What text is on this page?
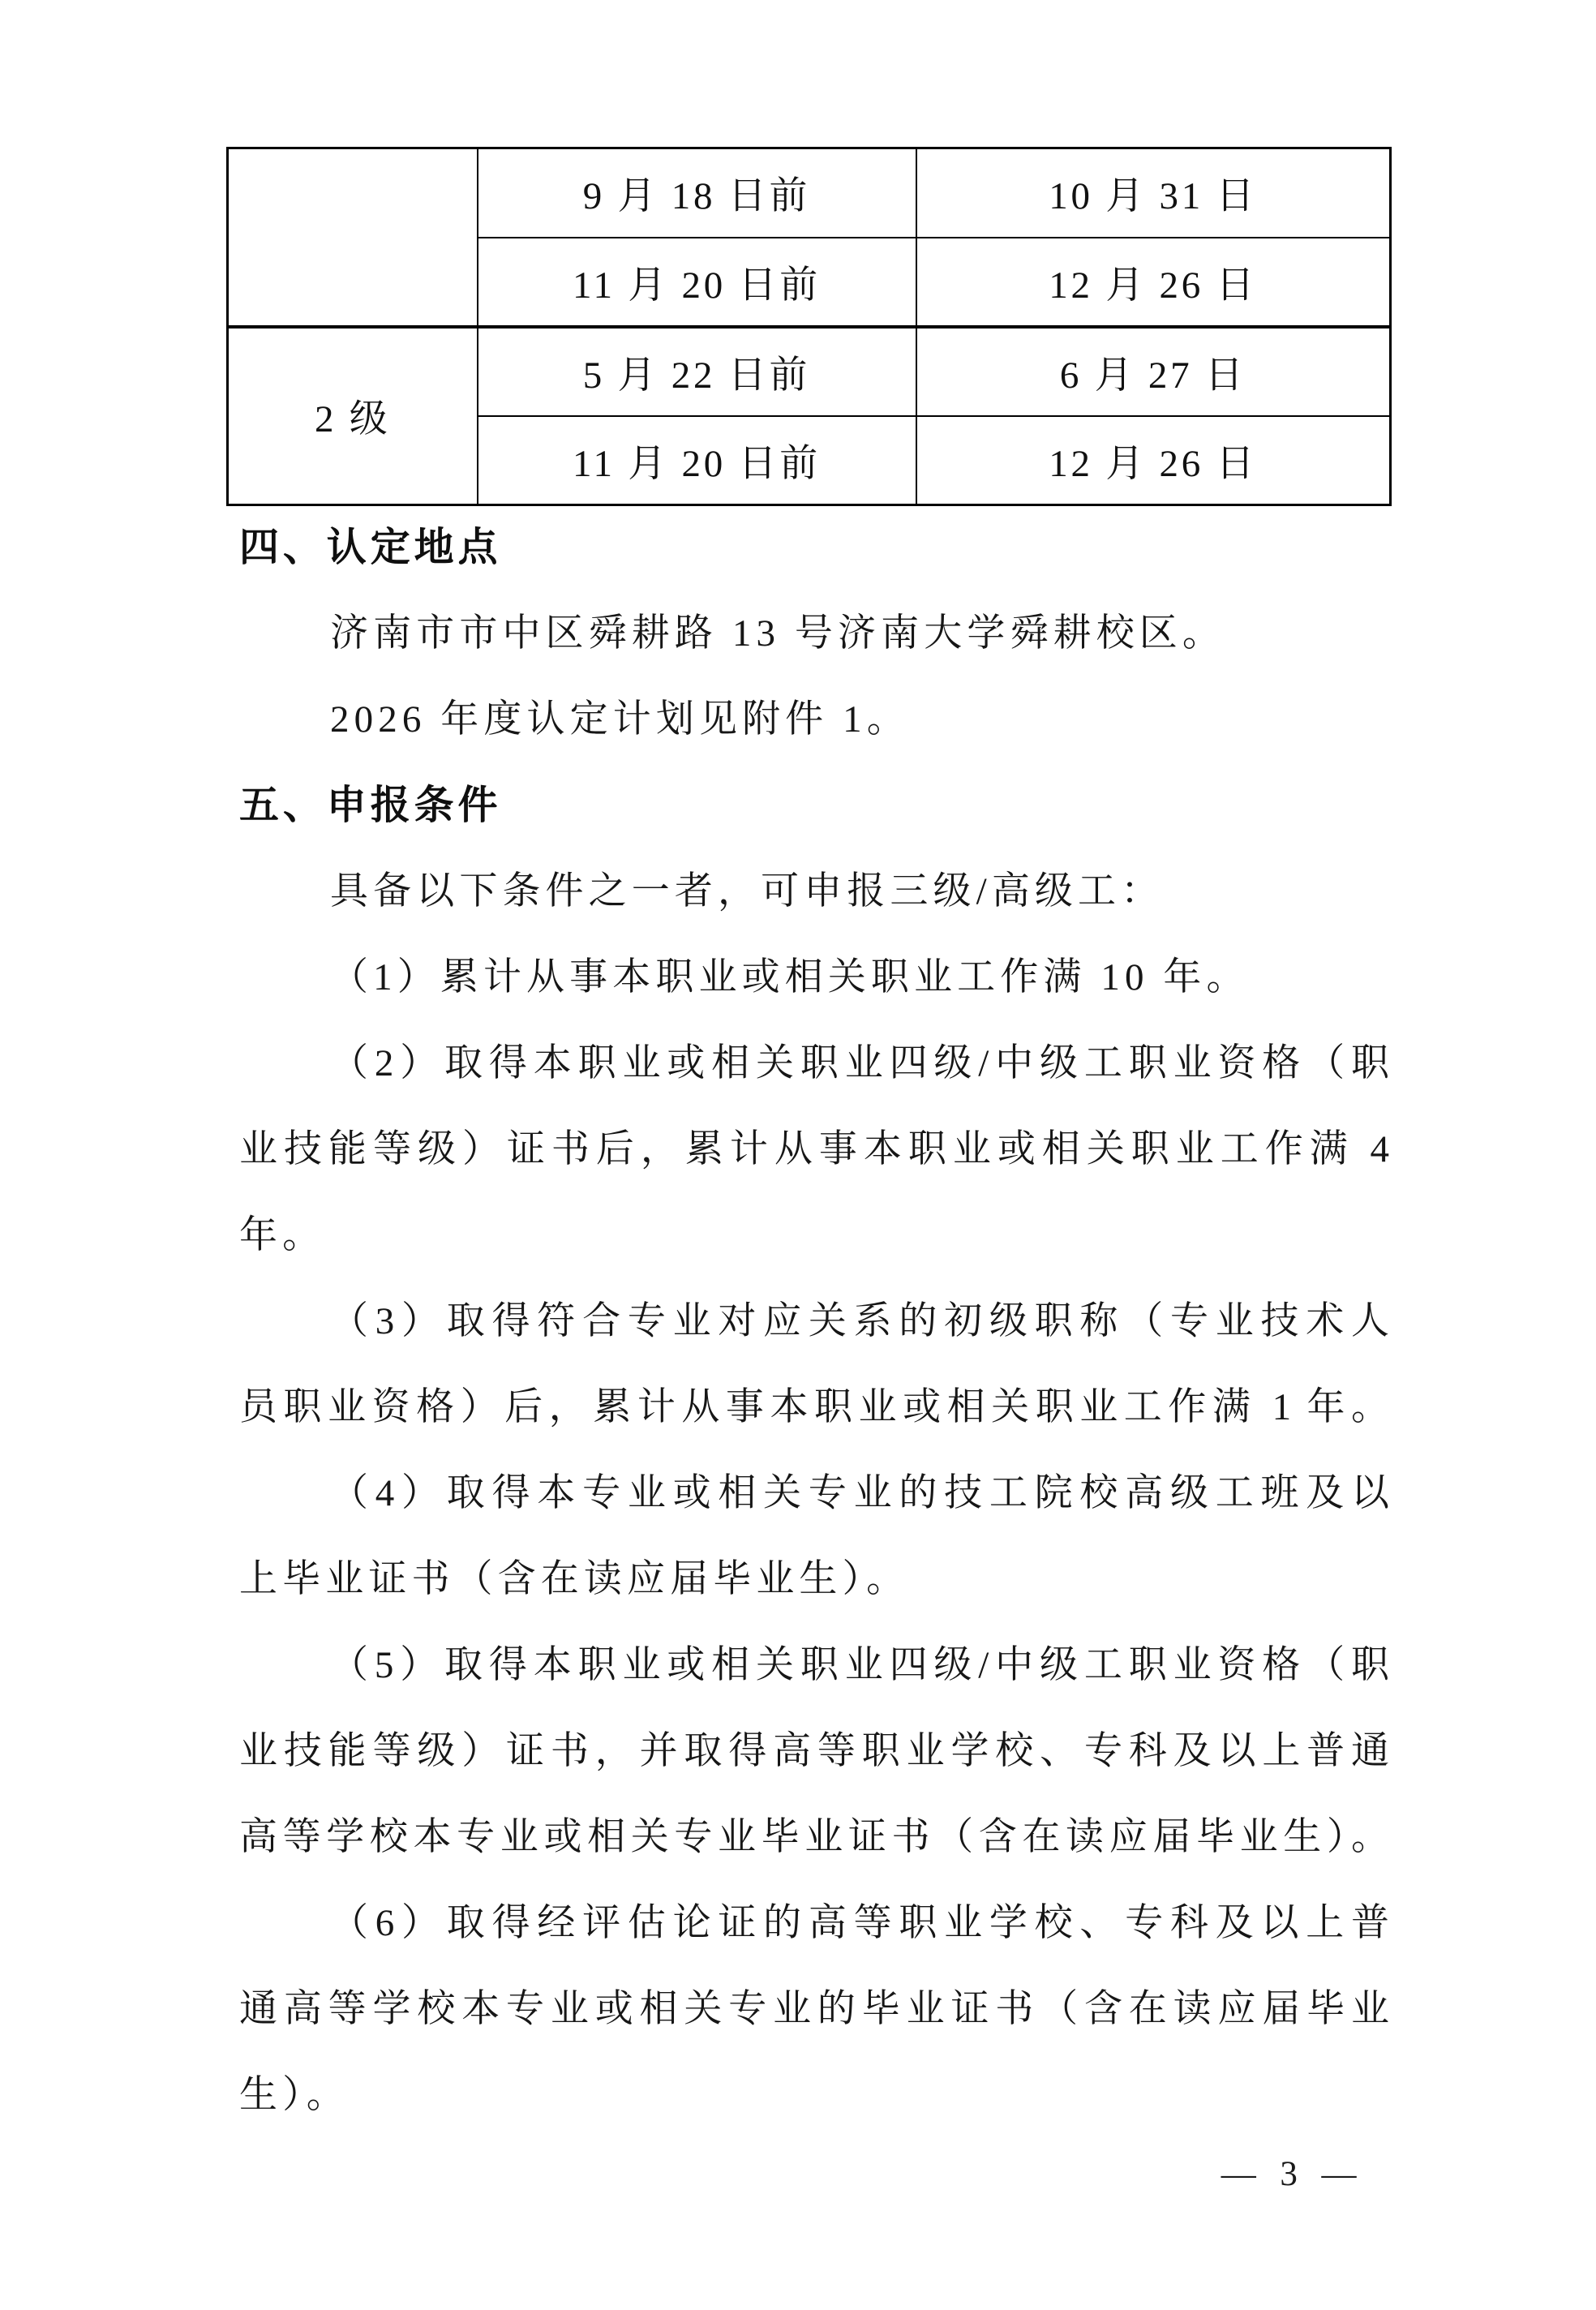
	9 月 18 日前	10 月 31 日
	11 月 20 日前	12 月 26 日
2 级	5 月 22 日前	6 月 27 日
	11 月 20 日前	12 月 26 日
四、认定地点
济南市市中区舜耕路 13 号济南大学舜耕校区。
2026 年度认定计划见附件 1。
五、申报条件
具备以下条件之一者，可申报三级/高级工：
（1）累计从事本职业或相关职业工作满 10 年。
（2）取得本职业或相关职业四级/中级工职业资格（职
业技能等级）证书后，累计从事本职业或相关职业工作满 4
年。
（3）取得符合专业对应关系的初级职称（专业技术人
员职业资格）后，累计从事本职业或相关职业工作满 1 年。
（4）取得本专业或相关专业的技工院校高级工班及以
上毕业证书（含在读应届毕业生）。
（5）取得本职业或相关职业四级/中级工职业资格（职
业技能等级）证书，并取得高等职业学校、专科及以上普通
高等学校本专业或相关专业毕业证书（含在读应届毕业生）。
（6）取得经评估论证的高等职业学校、专科及以上普
通高等学校本专业或相关专业的毕业证书（含在读应届毕业
生）。
— 3 —
